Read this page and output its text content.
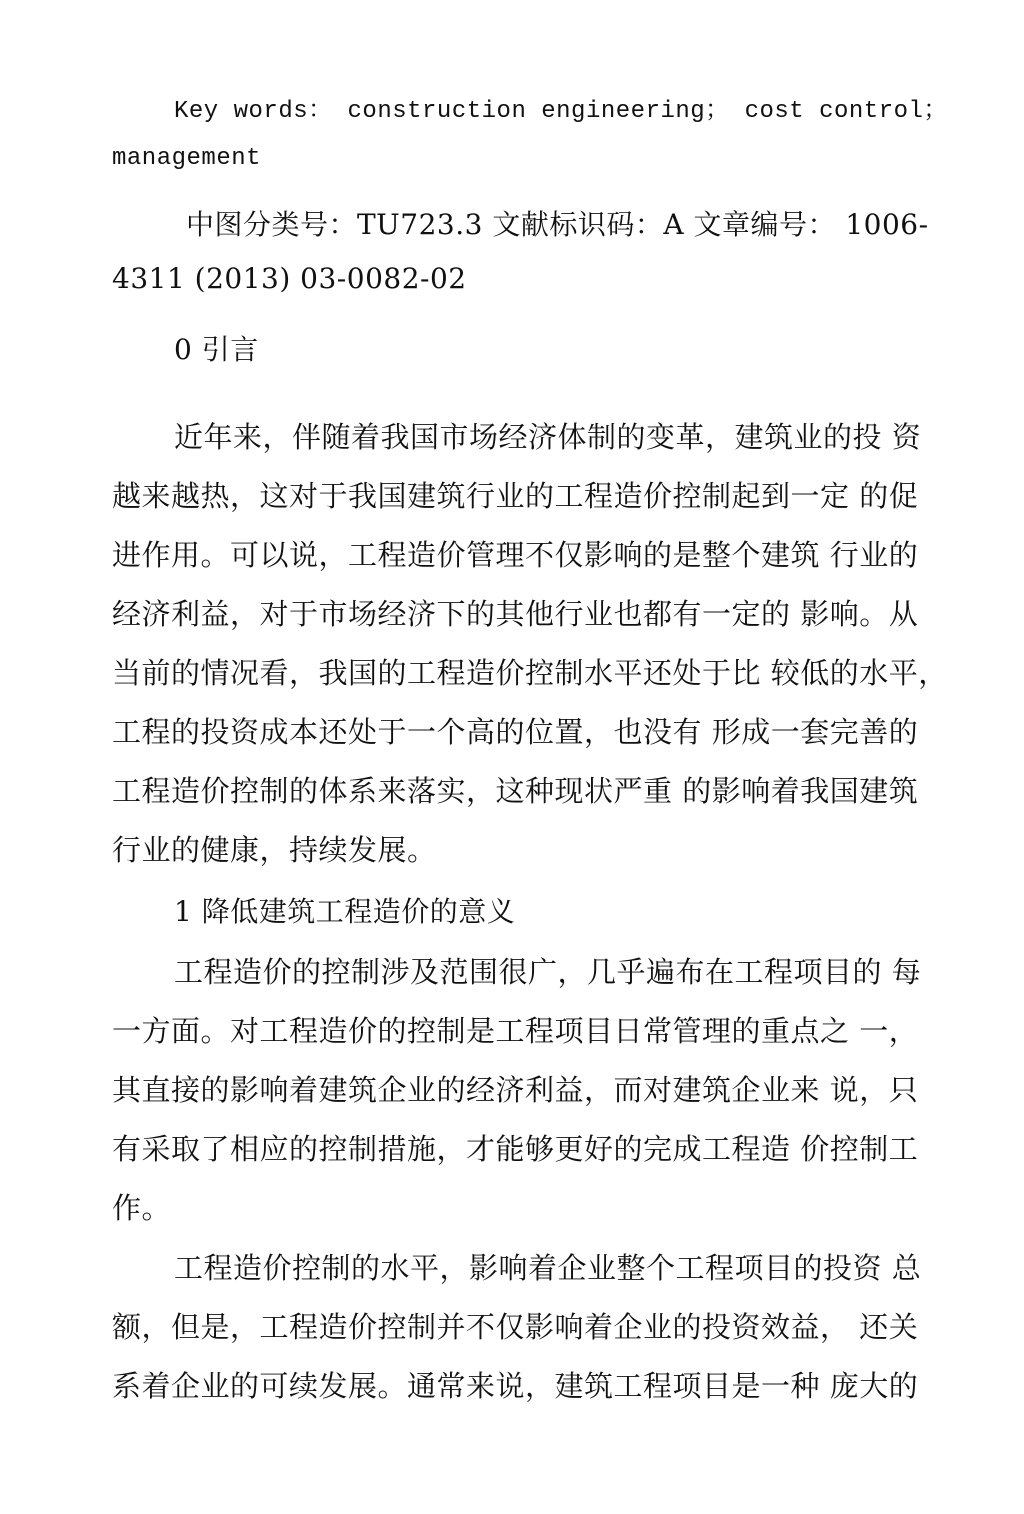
Key words： construction engineering； cost control；
management
中图分类号：TU723.3 文献标识码：A 文章编号： 1006-
4311 (2013) 03-0082-02
0 引言
近年来，伴随着我国市场经济体制的变革，建筑业的投 资
越来越热，这对于我国建筑行业的工程造价控制起到一定 的促
进作用。可以说，工程造价管理不仅影响的是整个建筑 行业的
经济利益，对于市场经济下的其他行业也都有一定的 影响。从
当前的情况看，我国的工程造价控制水平还处于比 较低的水平，
工程的投资成本还处于一个高的位置，也没有 形成一套完善的
工程造价控制的体系来落实，这种现状严重 的影响着我国建筑
行业的健康，持续发展。
1 降低建筑工程造价的意义
工程造价的控制涉及范围很广，几乎遍布在工程项目的 每
一方面。对工程造价的控制是工程项目日常管理的重点之 一，
其直接的影响着建筑企业的经济利益，而对建筑企业来 说，只
有采取了相应的控制措施，才能够更好的完成工程造 价控制工
作。
工程造价控制的水平，影响着企业整个工程项目的投资 总
额，但是，工程造价控制并不仅影响着企业的投资效益， 还关
系着企业的可续发展。通常来说，建筑工程项目是一种 庞大的
